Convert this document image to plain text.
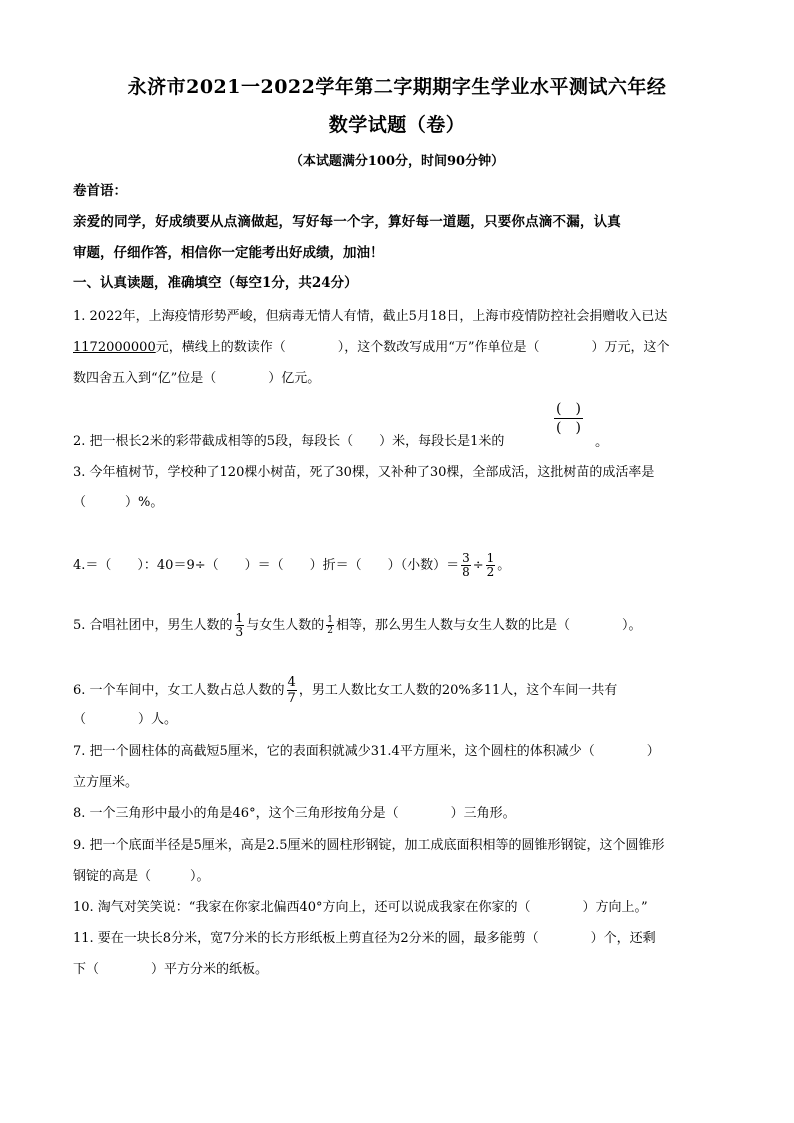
永济市2021一2022学年第二字期期字生学业水平测试六年经
数学试题（卷）
（本试题满分100分，时间90分钟）
卷首语：
亲爱的同学，好成绩要从点滴做起，写好每一个字，算好每一道题，只要你点滴不漏，认真
审题，仔细作答，相信你一定能考出好成绩，加油！
一、认真读题，准确填空（每空1分，共24分）
1. 2022年，上海疫情形势严峻，但病毒无情人有情，截止5月18日，上海市疫情防控社会捐赠收入已达
1172000000元，横线上的数读作（　　　　），这个数改写成用“万”作单位是（　　　　）万元，这个
数四舍五入到“亿”位是（　　　　）亿元。
2. 把一根长2米的彩带截成相等的5段，每段长（　　）米，每段长是1米的
(　)
(　)
。
3. 今年植树节，学校种了120棵小树苗，死了30棵，又补种了30棵，全部成活，这批树苗的成活率是
（　　　）%。
4.＝（　　）：40＝9÷（　　）＝（　　）折＝（　　）（小数）＝ $\frac{3}{8} \div \frac{1}{2}$ 。
5. 合唱社团中，男生人数的 $\frac{1}{3}$ 与女生人数的 $\frac{1}{2}$ 相等，那么男生人数与女生人数的比是（　　　　）。
6. 一个车间中，女工人数占总人数的 $\frac{4}{7}$ ，男工人数比女工人数的20%多11人，这个车间一共有
（　　　　）人。
7. 把一个圆柱体的高截短5厘米，它的表面积就减少31.4平方厘米，这个圆柱的体积减少（　　　　）
立方厘米。
8. 一个三角形中最小的角是46°，这个三角形按角分是（　　　　）三角形。
9. 把一个底面半径是5厘米，高是2.5厘米的圆柱形钢锭，加工成底面积相等的圆锥形钢锭，这个圆锥形
钢锭的高是（　　　）。
10. 淘气对笑笑说：“我家在你家北偏西40°方向上，还可以说成我家在你家的（　　　　）方向上。”
11. 要在一块长8分米，宽7分米的长方形纸板上剪直径为2分米的圆，最多能剪（　　　　）个，还剩
下（　　　　）平方分米的纸板。
